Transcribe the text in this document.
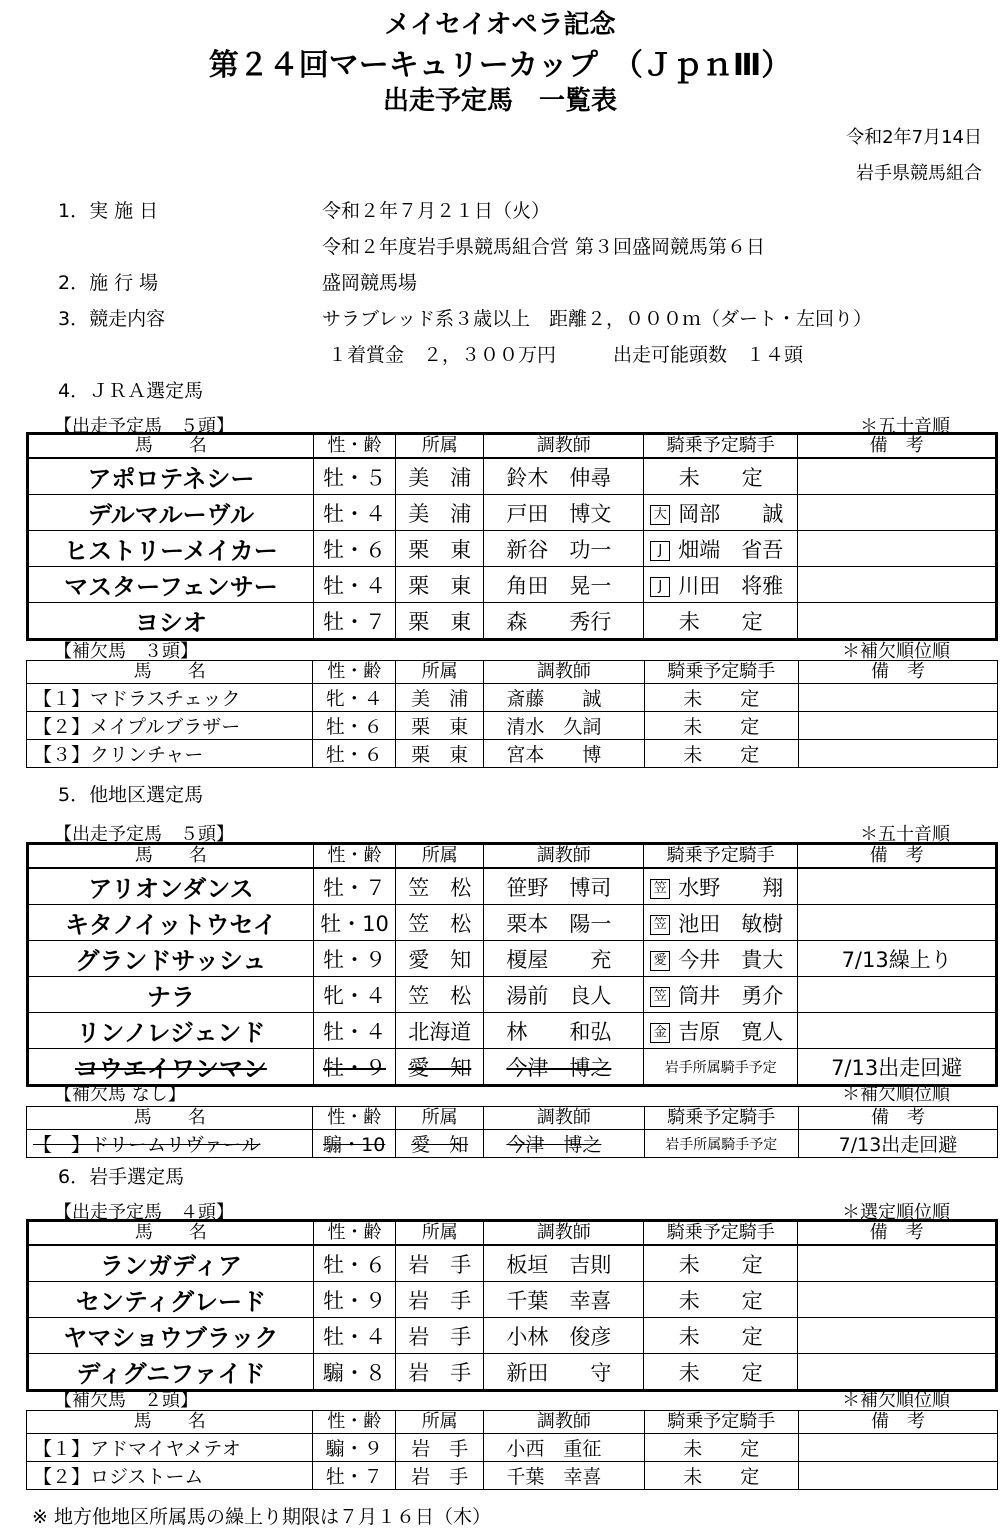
メイセイオペラ記念
第２４回マーキュリーカップ　（ＪｐｎⅢ）
出走予定馬　一覧表
令和2年7月14日
岩手県競馬組合
1．実 施 日	令和２年７月２１日（火）
令和２年度岩手県競馬組合営 第３回盛岡競馬第６日
2．施 行 場	盛岡競馬場
3．競走内容	サラブレッド系３歳以上　距離２，０００ｍ（ダート・左回り）
１着賞金　２，３００万円　　　出走可能頭数　１４頭
4．ＪＲＡ選定馬
【出走予定馬　５頭】	＊五十音順
馬　　名	性・齢	所属	調教師	騎乗予定騎手	備　考
アポロテネシー	牡・５	美　浦	鈴木　伸尋	未　　定	
デルマルーヴル	牡・４	美　浦	戸田　博文	大 岡部　　誠	
ヒストリーメイカー	牡・６	栗　東	新谷　功一	J 畑端　省吾	
マスターフェンサー	牡・４	栗　東	角田　晃一	J 川田　将雅	
ヨシオ	牡・７	栗　東	森　　秀行	未　　定	
【補欠馬　３頭】	＊補欠順位順
馬　　名	性・齢	所属	調教師	騎乗予定騎手	備　考
【１】マドラスチェック	牝・４	美　浦	斎藤　　誠	未　　定	
【２】メイプルブラザー	牡・６	栗　東	清水　久詞	未　　定	
【３】クリンチャー	牡・６	栗　東	宮本　　博	未　　定	
5．他地区選定馬
【出走予定馬　５頭】	＊五十音順
馬　　名	性・齢	所属	調教師	騎乗予定騎手	備　考
アリオンダンス	牡・７	笠　松	笹野　博司	笠 水野　　翔	
キタノイットウセイ	牡・10	笠　松	栗本　陽一	笠 池田　敏樹	
グランドサッシュ	牡・９	愛　知	榎屋　　充	愛 今井　貴大	7/13繰上り
ナラ	牝・４	笠　松	湯前　良人	笠 筒井　勇介	
リンノレジェンド	牡・４	北海道	林　　和弘	金 吉原　寛人	
コウエイワンマン	牡・９	愛　知	今津　博之	岩手所属騎手予定	7/13出走回避
【補欠馬 なし】	＊補欠順位順
馬　　名	性・齢	所属	調教師	騎乗予定騎手	備　考
【　】ドリームリヴァール	騸・10	愛　知	今津　博之	岩手所属騎手予定	7/13出走回避
6．岩手選定馬
【出走予定馬　４頭】	＊選定順位順
馬　　名	性・齢	所属	調教師	騎乗予定騎手	備　考
ランガディア	牡・６	岩　手	板垣　吉則	未　　定	
センティグレード	牡・９	岩　手	千葉　幸喜	未　　定	
ヤマショウブラック	牡・４	岩　手	小林　俊彦	未　　定	
ディグニファイド	騸・８	岩　手	新田　　守	未　　定	
【補欠馬　２頭】	＊補欠順位順
馬　　名	性・齢	所属	調教師	騎乗予定騎手	備　考
【１】アドマイヤメテオ	騸・９	岩　手	小西　重征	未　　定	
【２】ロジストーム	牡・７	岩　手	千葉　幸喜	未　　定	
※ 地方他地区所属馬の繰上り期限は７月１６日（木）
